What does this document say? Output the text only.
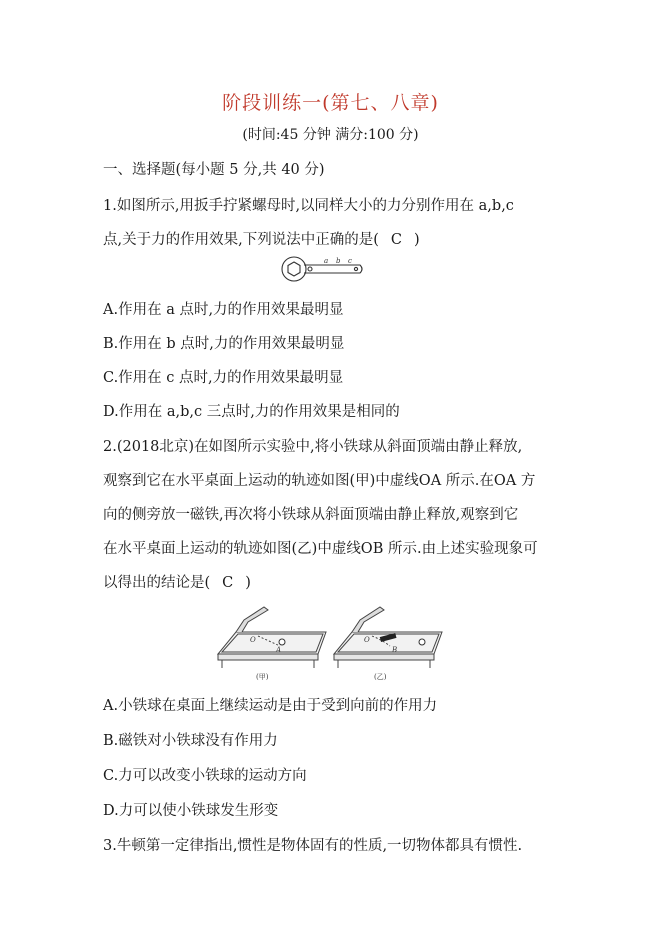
阶段训练一(第七、八章)
(时间:45 分钟 满分:100 分)
一、选择题(每小题 5 分,共 40 分)
1.如图所示,用扳手拧紧螺母时,以同样大小的力分别作用在 a,b,c
点,关于力的作用效果,下列说法中正确的是( C )
a b c
A.作用在 a 点时,力的作用效果最明显
B.作用在 b 点时,力的作用效果最明显
C.作用在 c 点时,力的作用效果最明显
D.作用在 a,b,c 三点时,力的作用效果是相同的
2.(2018北京)在如图所示实验中,将小铁球从斜面顶端由静止释放,
观察到它在水平桌面上运动的轨迹如图(甲)中虚线OA 所示.在OA 方
向的侧旁放一磁铁,再次将小铁球从斜面顶端由静止释放,观察到它
在水平桌面上运动的轨迹如图(乙)中虚线OB 所示.由上述实验现象可
以得出的结论是( C )
O
A
(甲)
O
B
(乙)
A.小铁球在桌面上继续运动是由于受到向前的作用力
B.磁铁对小铁球没有作用力
C.力可以改变小铁球的运动方向
D.力可以使小铁球发生形变
3.牛顿第一定律指出,惯性是物体固有的性质,一切物体都具有惯性.
